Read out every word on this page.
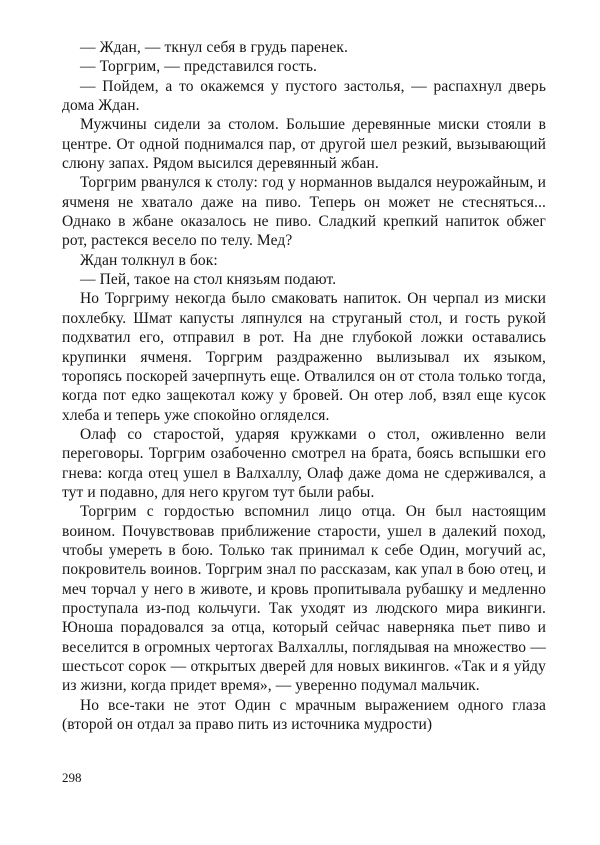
— Ждан, — ткнул себя в грудь паренек.

— Торгрим, — представился гость.

— Пойдем, а то окажемся у пустого застолья, — распахнул дверь дома Ждан.

Мужчины сидели за столом. Большие деревянные миски стояли в центре. От одной поднимался пар, от другой шел резкий, вызывающий слюну запах. Рядом высился деревянный жбан.

Торгрим рванулся к столу: год у норманнов выдался неурожайным, и ячменя не хватало даже на пиво. Теперь он может не стесняться... Однако в жбане оказалось не пиво. Сладкий крепкий напиток обжег рот, растекся весело по телу. Мед?

Ждан толкнул в бок:

— Пей, такое на стол князьям подают.

Но Торгриму некогда было смаковать напиток. Он черпал из миски похлебку. Шмат капусты ляпнулся на струганый стол, и гость рукой подхватил его, отправил в рот. На дне глубокой ложки оставались крупинки ячменя. Торгрим раздраженно вылизывал их языком, торопясь поскорей зачерпнуть еще. Отвалился он от стола только тогда, когда пот едко защекотал кожу у бровей. Он отер лоб, взял еще кусок хлеба и теперь уже спокойно огляделся.

Олаф со старостой, ударяя кружками о стол, оживленно вели переговоры. Торгрим озабоченно смотрел на брата, боясь вспышки его гнева: когда отец ушел в Валхаллу, Олаф даже дома не сдерживался, а тут и подавно, для него кругом тут были рабы.

Торгрим с гордостью вспомнил лицо отца. Он был настоящим воином. Почувствовав приближение старости, ушел в далекий поход, чтобы умереть в бою. Только так принимал к себе Один, могучий ас, покровитель воинов. Торгрим знал по рассказам, как упал в бою отец, и меч торчал у него в животе, и кровь пропитывала рубашку и медленно проступала из-под кольчуги. Так уходят из людского мира викинги. Юноша порадовался за отца, который сейчас наверняка пьет пиво и веселится в огромных чертогах Валхаллы, поглядывая на множество — шестьсот сорок — открытых дверей для новых викингов. «Так и я уйду из жизни, когда придет время», — уверенно подумал мальчик.

Но все-таки не этот Один с мрачным выражением одного глаза (второй он отдал за право пить из источника мудрости)

298
